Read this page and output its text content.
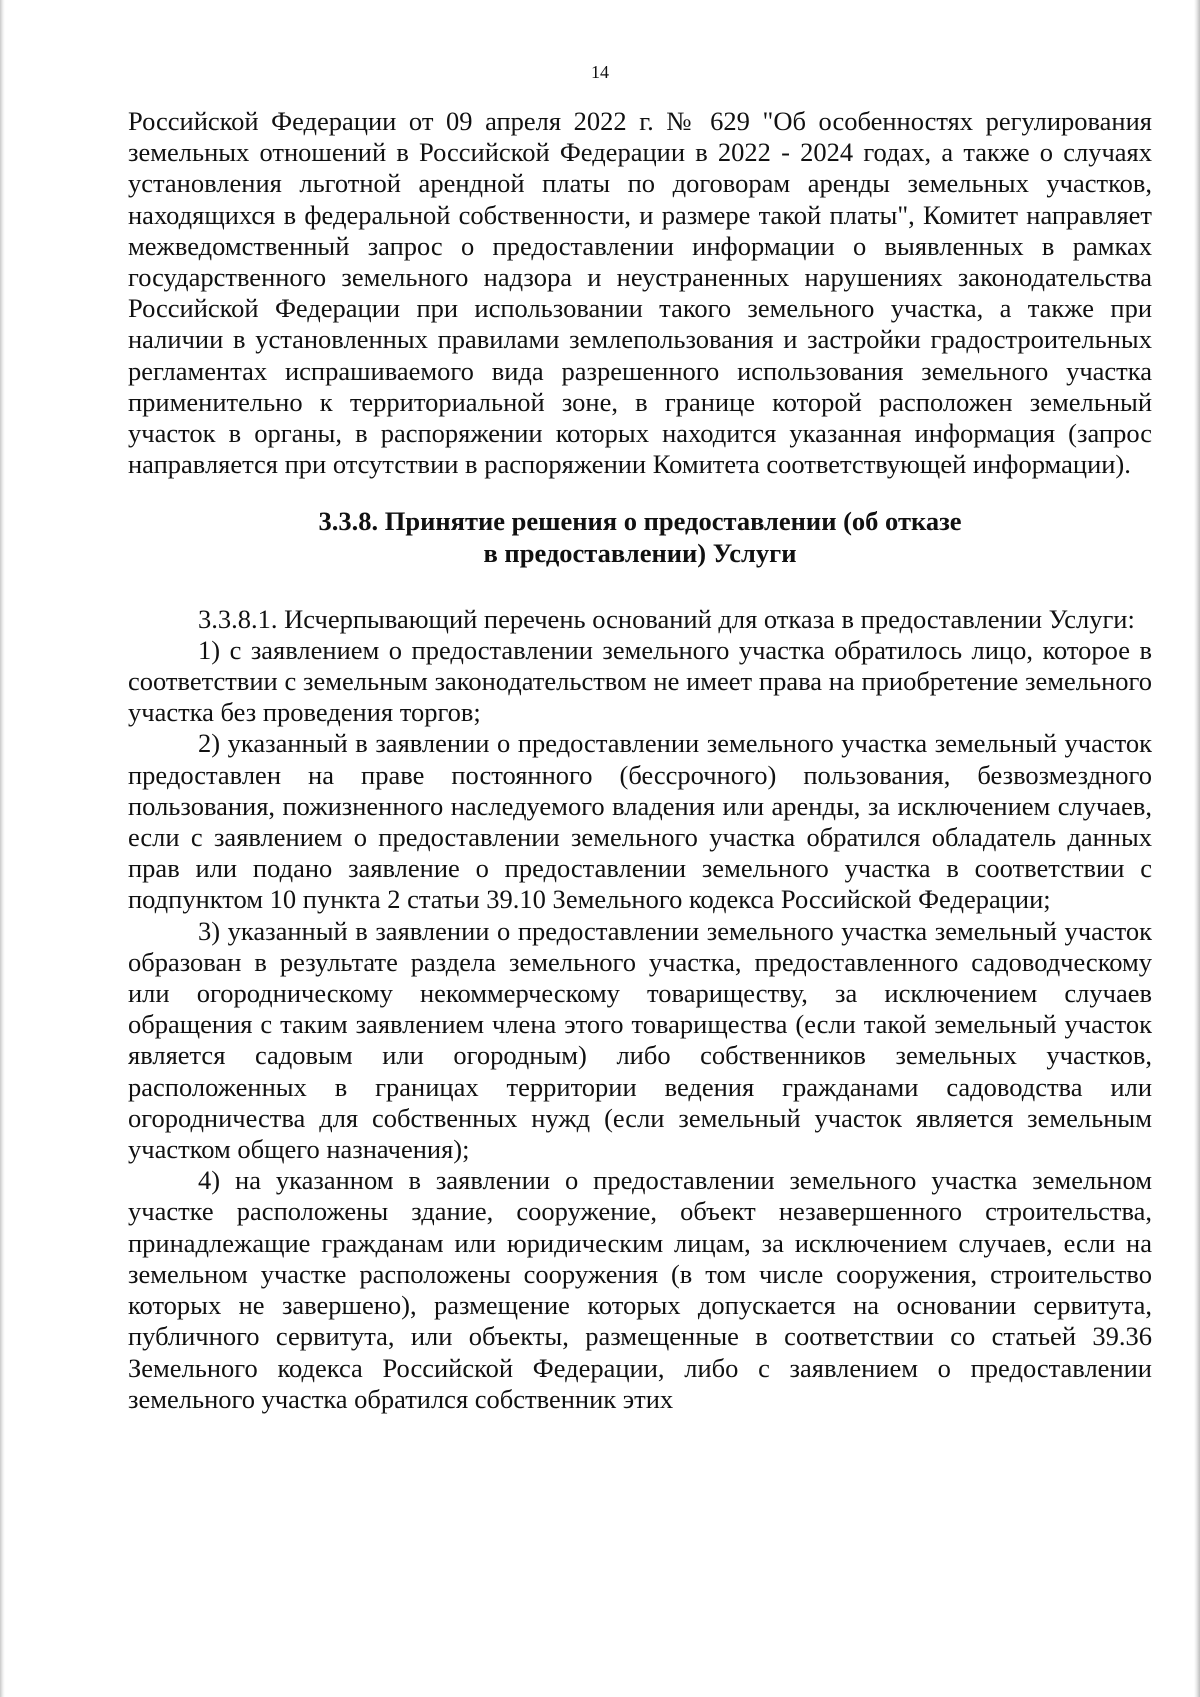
14

Российской Федерации от 09 апреля 2022 г. № 629 "Об особенностях регулирования земельных отношений в Российской Федерации в 2022 - 2024 годах, а также о случаях установления льготной арендной платы по договорам аренды земельных участков, находящихся в федеральной собственности, и размере такой платы", Комитет направляет межведомственный запрос о предоставлении информации о выявленных в рамках государственного земельного надзора и неустраненных нарушениях законодательства Российской Федерации при использовании такого земельного участка, а также при наличии в установленных правилами землепользования и застройки градостроительных регламентах испрашиваемого вида разрешенного использования земельного участка применительно к территориальной зоне, в границе которой расположен земельный участок в органы, в распоряжении которых находится указанная информация (запрос направляется при отсутствии в распоряжении Комитета соответствующей информации).

3.3.8. Принятие решения о предоставлении (об отказе
в предоставлении) Услуги

3.3.8.1. Исчерпывающий перечень оснований для отказа в предоставлении Услуги:

1) с заявлением о предоставлении земельного участка обратилось лицо, которое в соответствии с земельным законодательством не имеет права на приобретение земельного участка без проведения торгов;

2) указанный в заявлении о предоставлении земельного участка земельный участок предоставлен на праве постоянного (бессрочного) пользования, безвозмездного пользования, пожизненного наследуемого владения или аренды, за исключением случаев, если с заявлением о предоставлении земельного участка обратился обладатель данных прав или подано заявление о предоставлении земельного участка в соответствии с подпунктом 10 пункта 2 статьи 39.10 Земельного кодекса Российской Федерации;

3) указанный в заявлении о предоставлении земельного участка земельный участок образован в результате раздела земельного участка, предоставленного садоводческому или огородническому некоммерческому товариществу, за исключением случаев обращения с таким заявлением члена этого товарищества (если такой земельный участок является садовым или огородным) либо собственников земельных участков, расположенных в границах территории ведения гражданами садоводства или огородничества для собственных нужд (если земельный участок является земельным участком общего назначения);

4) на указанном в заявлении о предоставлении земельного участка земельном участке расположены здание, сооружение, объект незавершенного строительства, принадлежащие гражданам или юридическим лицам, за исключением случаев, если на земельном участке расположены сооружения (в том числе сооружения, строительство которых не завершено), размещение которых допускается на основании сервитута, публичного сервитута, или объекты, размещенные в соответствии со статьей 39.36 Земельного кодекса Российской Федерации, либо с заявлением о предоставлении земельного участка обратился собственник этих
